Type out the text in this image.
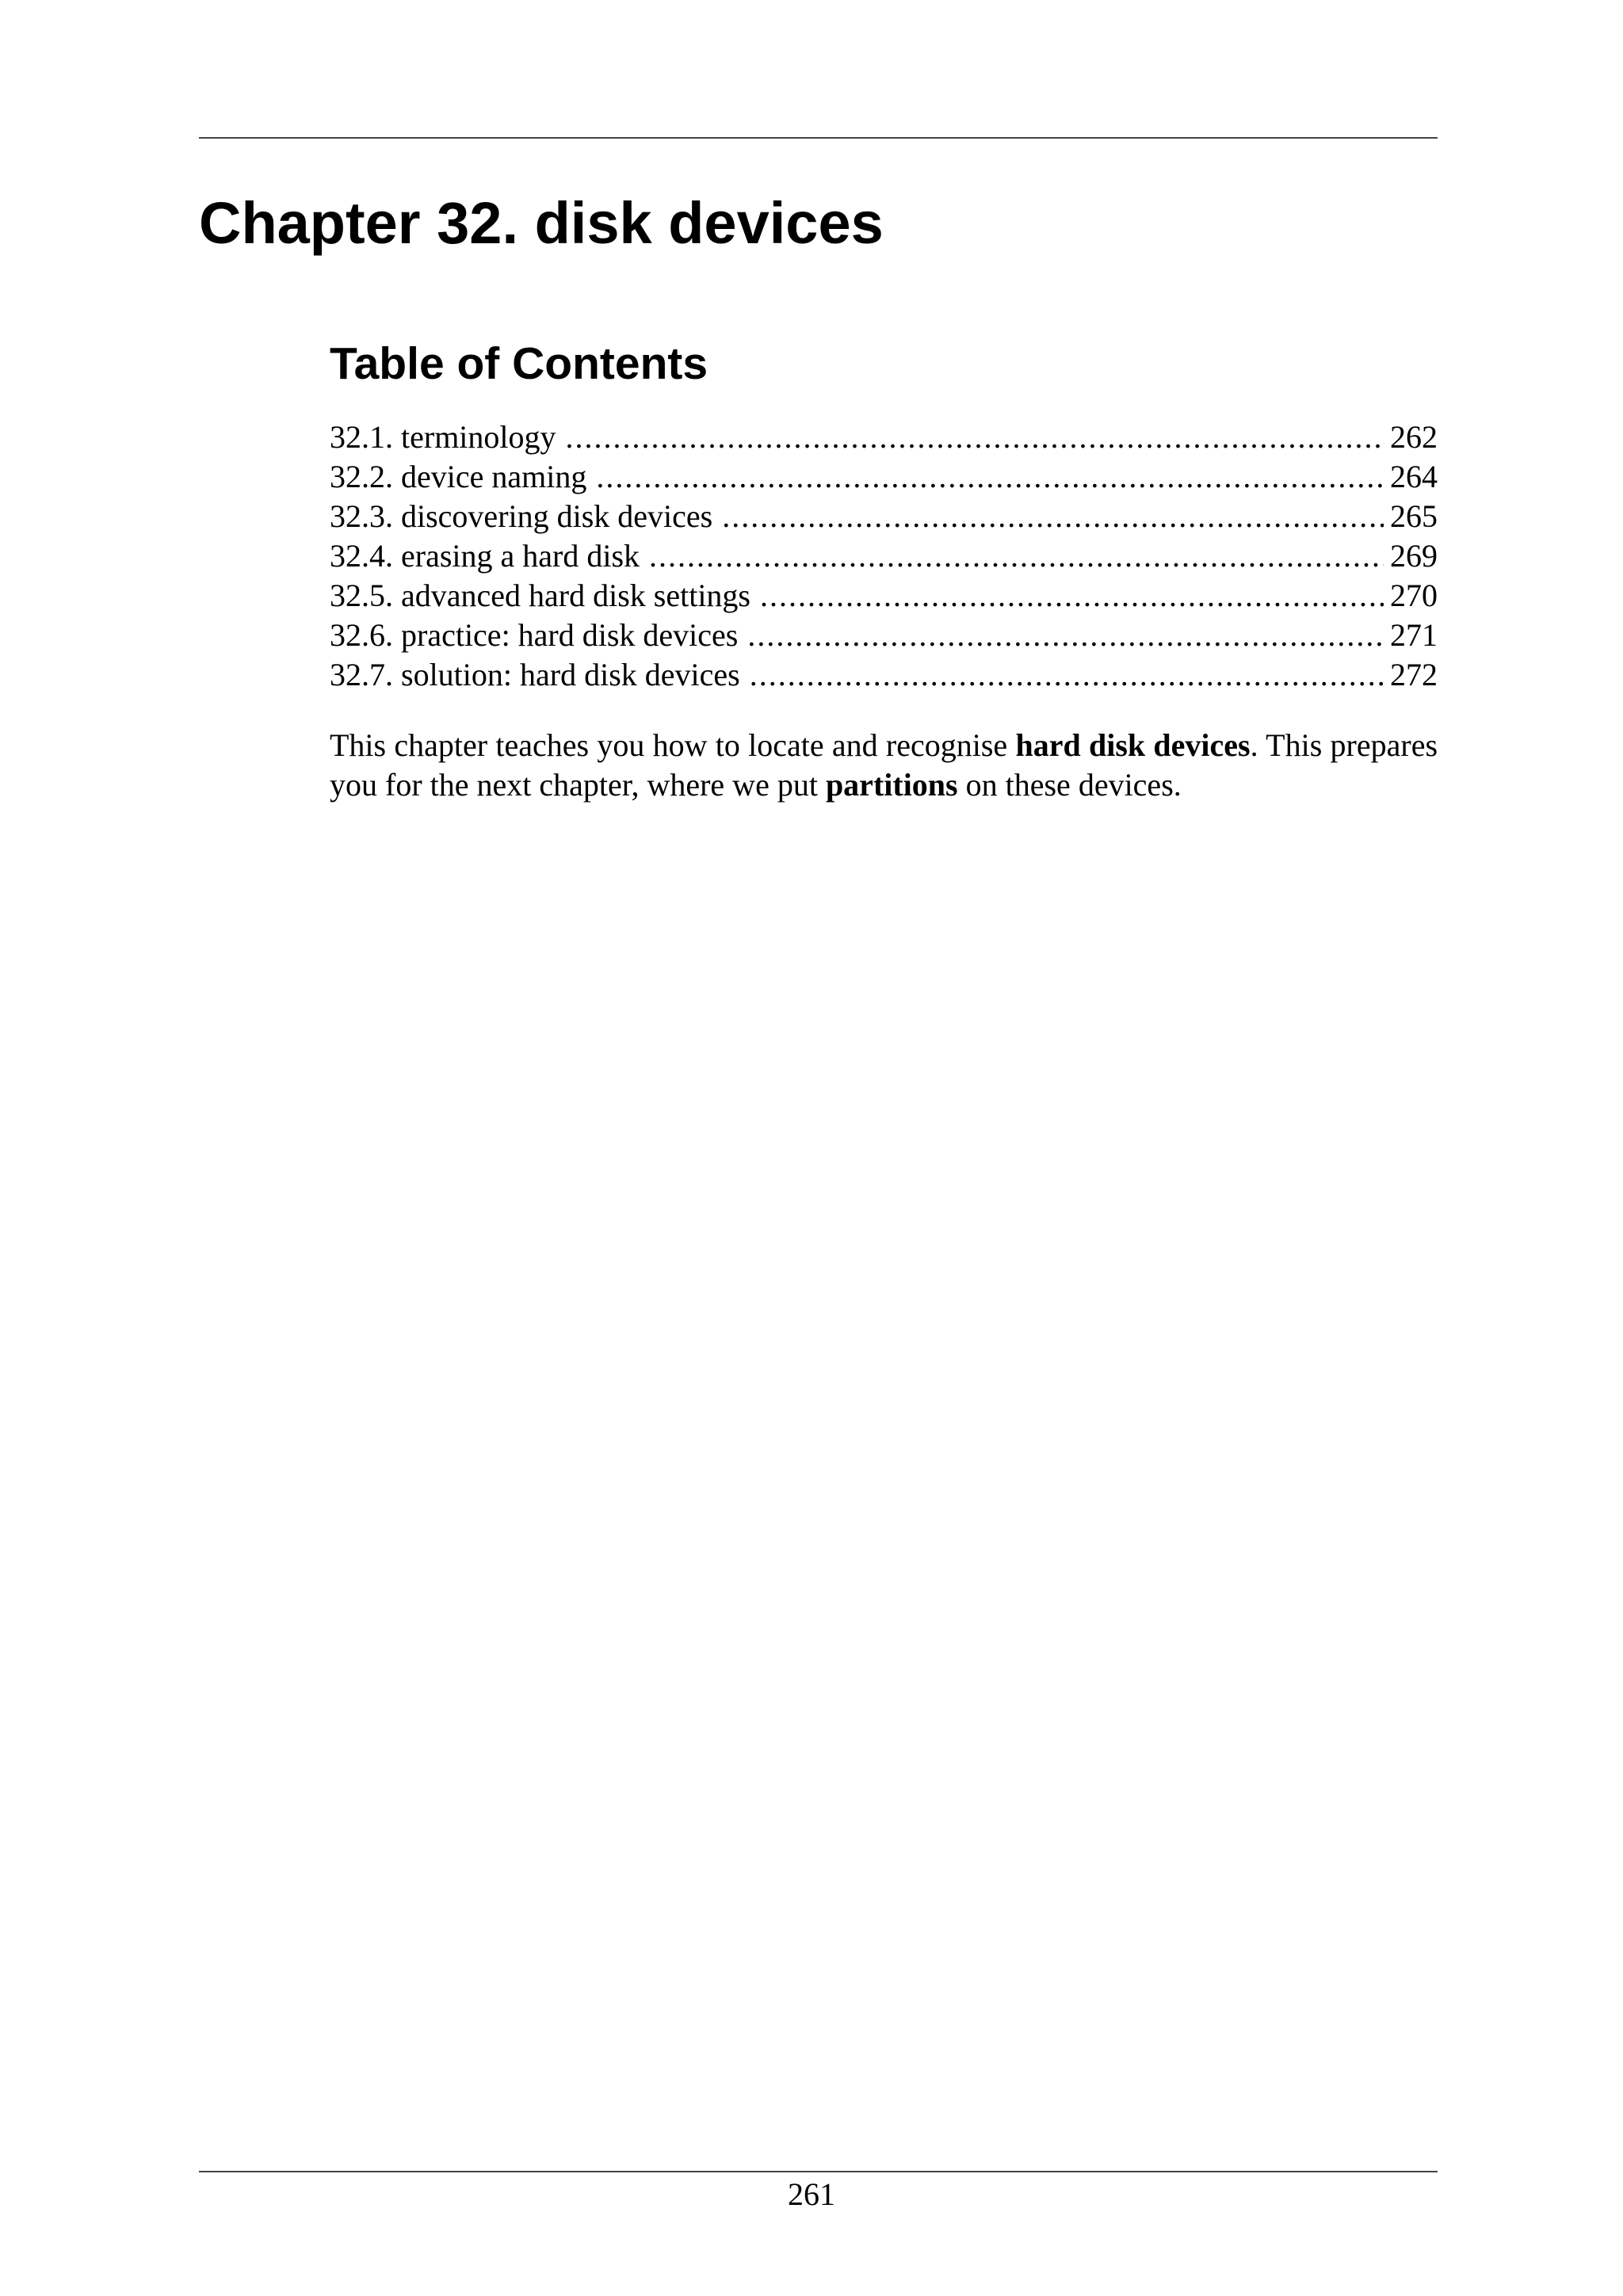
Chapter 32. disk devices
Table of Contents
32.1. terminology .....	262
32.2. device naming .....	264
32.3. discovering disk devices .....	265
32.4. erasing a hard disk .....	269
32.5. advanced hard disk settings .....	270
32.6. practice: hard disk devices .....	271
32.7. solution: hard disk devices .....	272

This chapter teaches you how to locate and recognise hard disk devices. This prepares you for the next chapter, where we put partitions on these devices.

261
